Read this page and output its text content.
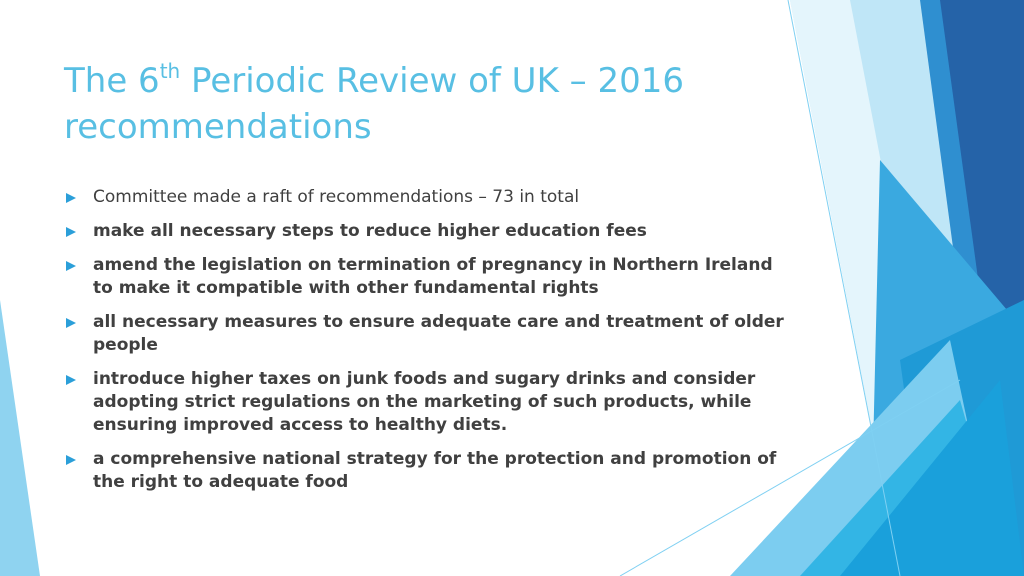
The 6th Periodic Review of UK – 2016
recommendations
Committee made a raft of recommendations – 73 in total
make all necessary steps to reduce higher education fees
amend the legislation on termination of pregnancy in Northern Ireland to make it compatible with other fundamental rights
all necessary measures to ensure adequate care and treatment of older people
introduce higher taxes on junk foods and sugary drinks and consider adopting strict regulations on the marketing of such products, while ensuring improved access to healthy diets.
a comprehensive national strategy for the protection and promotion of the right to adequate food
